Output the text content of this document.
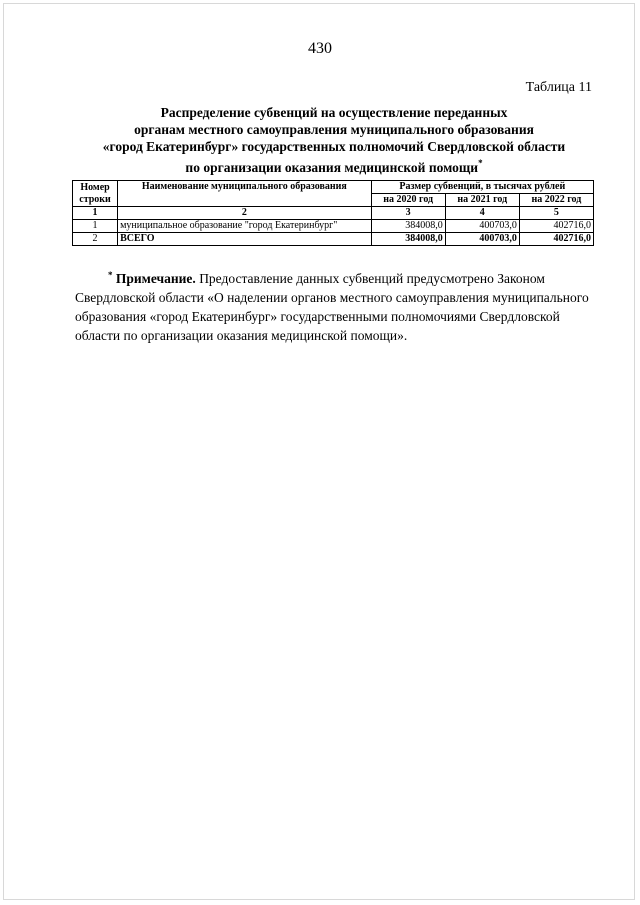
430
Таблица 11
Распределение субвенций на осуществление переданных
органам местного самоуправления муниципального образования
«город Екатеринбург» государственных полномочий Свердловской области
по организации оказания медицинской помощи*
Номер
строки	Наименование муниципального образования	Размер субвенций, в тысячах рублей		
		на 2020 год	на 2021 год	на 2022 год
1	2	3	4	5
1	муниципальное образование "город Екатеринбург"	384008,0	400703,0	402716,0
2	ВСЕГО	384008,0	400703,0	402716,0
* Примечание. Предоставление данных субвенций предусмотрено Законом
Свердловской области «О наделении органов местного самоуправления муниципального
образования «город Екатеринбург» государственными полномочиями Свердловской
области по организации оказания медицинской помощи».
